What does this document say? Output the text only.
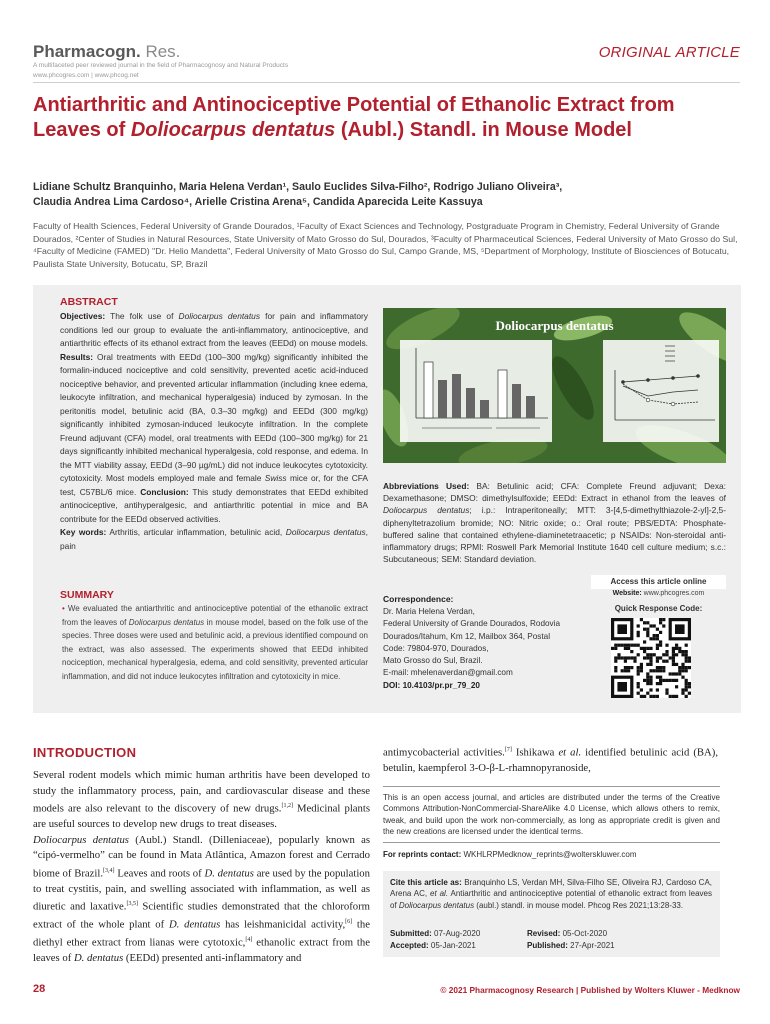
Pharmacogn. Res.
A multifaceted peer reviewed journal in the field of Pharmacognosy and Natural Products
www.phcogres.com | www.phcog.net
ORIGINAL ARTICLE
Antiarthritic and Antinociceptive Potential of Ethanolic Extract from Leaves of Doliocarpus dentatus (Aubl.) Standl. in Mouse Model
Lidiane Schultz Branquinho, Maria Helena Verdan¹, Saulo Euclides Silva-Filho², Rodrigo Juliano Oliveira³,
Claudia Andrea Lima Cardoso⁴, Arielle Cristina Arena⁵, Candida Aparecida Leite Kassuya
Faculty of Health Sciences, Federal University of Grande Dourados, ¹Faculty of Exact Sciences and Technology, Postgraduate Program in Chemistry, Federal University of Grande Dourados, ²Center of Studies in Natural Resources, State University of Mato Grosso do Sul, Dourados, ³Faculty of Pharmaceutical Sciences, Federal University of Mato Grosso do Sul, ⁴Faculty of Medicine (FAMED) "Dr. Helio Mandetta", Federal University of Mato Grosso do Sul, Campo Grande, MS, ⁵Department of Morphology, Institute of Biosciences of Botucatu, Paulista State University, Botucatu, SP, Brazil
ABSTRACT
Objectives: The folk use of Doliocarpus dentatus for pain and inflammatory conditions led our group to evaluate the anti-inflammatory, antinociceptive, and antiarthritic effects of its ethanol extract from the leaves (EEDd) on mouse models. Results: Oral treatments with EEDd (100–300 mg/kg) significantly inhibited the formalin-induced nociceptive and cold sensitivity, prevented acetic acid-induced nociceptive behavior, and prevented articular inflammation (including knee edema, leukocyte infiltration, and mechanical hyperalgesia) induced by zymosan. In the peritonitis model, betulinic acid (BA, 0.3–30 mg/kg) and EEDd (300 mg/kg) significantly inhibited zymosan-induced leukocyte infiltration. In the complete Freund adjuvant (CFA) model, oral treatments with EEDd (100–300 mg/kg) for 21 days significantly inhibited mechanical hyperalgesia, cold response, and edema. In the MTT viability assay, EEDd (3–90 µg/mL) did not induce leukocytes cytotoxicity. cytotoxicity. Most models employed male and female Swiss mice or, for the CFA test, C57BL/6 mice. Conclusion: This study demonstrates that EEDd exhibited antinociceptive, antihyperalgesic, and antiarthritic potential in mice and BA contribute for the EEDd observed activities.
Key words: Arthritis, articular inflammation, betulinic acid, Doliocarpus dentatus, pain
SUMMARY
• We evaluated the antiarthritic and antinociceptive potential of the ethanolic extract from the leaves of Doliocarpus dentatus in mouse model, based on the folk use of the species. Three doses were used and betulinic acid, a previous identified compound on the extract, was also assessed. The experiments showed that EEDd inhibited nociception, mechanical hyperalgesia, edema, and cold sensitivity, prevented articular inflammation, and did not induce leukocytes infiltration and cytotoxicity in mice.
Doliocarpus dentatus
Abbreviations Used: BA: Betulinic acid; CFA: Complete Freund adjuvant; Dexa: Dexamethasone; DMSO: dimethylsulfoxide; EEDd: Extract in ethanol from the leaves of Doliocarpus dentatus; i.p.: Intraperitoneally; MTT: 3-[4,5-dimethylthiazole-2-yl]-2,5-diphenyltetrazolium bromide; NO: Nitric oxide; o.: Oral route; PBS/EDTA: Phosphate-buffered saline that contained ethylene-diaminetetraacetic; p NSAIDs: Non-steroidal anti-inflammatory drugs; RPMI: Roswell Park Memorial Institute 1640 cell culture medium; s.c.: Subcutaneous; SEM: Standard deviation.
Access this article online
Website: www.phcogres.com
Quick Response Code:
Correspondence:
Dr. Maria Helena Verdan,
Federal University of Grande Dourados, Rodovia
Dourados/Itahum, Km 12, Mailbox 364, Postal
Code: 79804-970, Dourados,
Mato Grosso do Sul, Brazil.
E-mail: mhelenaverdan@gmail.com
DOI: 10.4103/pr.pr_79_20
INTRODUCTION

Several rodent models which mimic human arthritis have been developed to study the inflammatory process, pain, and cardiovascular disease and these models are also relevant to the discovery of new drugs.[1,2] Medicinal plants are useful sources to develop new drugs to treat diseases.

Doliocarpus dentatus (Aubl.) Standl. (Dilleniaceae), popularly known as “cipó-vermelho” can be found in Mata Atlântica, Amazon forest and Cerrado biome of Brazil.[3,4] Leaves and roots of D. dentatus are used by the population to treat cystitis, pain, and swelling associated with inflammation, as well as diuretic and laxative.[3,5] Scientific studies demonstrated that the chloroform extract of the whole plant of D. dentatus has leishmanicidal activity,[6] the diethyl ether extract from lianas were cytotoxic,[4] ethanolic extract from the leaves of D. dentatus (EEDd) presented anti-inflammatory and

antimycobacterial activities.[7] Ishikawa et al. identified betulinic acid (BA), betulin, kaempferol 3-O-β-L-rhamnopyranoside,
This is an open access journal, and articles are distributed under the terms of the Creative Commons Attribution-NonCommercial-ShareAlike 4.0 License, which allows others to remix, tweak, and build upon the work non-commercially, as long as appropriate credit is given and the new creations are licensed under the identical terms.
For reprints contact: WKHLRPMedknow_reprints@wolterskluwer.com
Cite this article as: Branquinho LS, Verdan MH, Silva-Filho SE, Oliveira RJ, Cardoso CA, Arena AC, et al. Antiarthritic and antinociceptive potential of ethanolic extract from leaves of Doliocarpus dentatus (aubl.) standl. in mouse model. Phcog Res 2021;13:28-33.
Submitted: 07-Aug-2020	Revised: 05-Oct-2020
Accepted: 05-Jan-2021	Published: 27-Apr-2021
28	© 2021 Pharmacognosy Research | Published by Wolters Kluwer - Medknow
